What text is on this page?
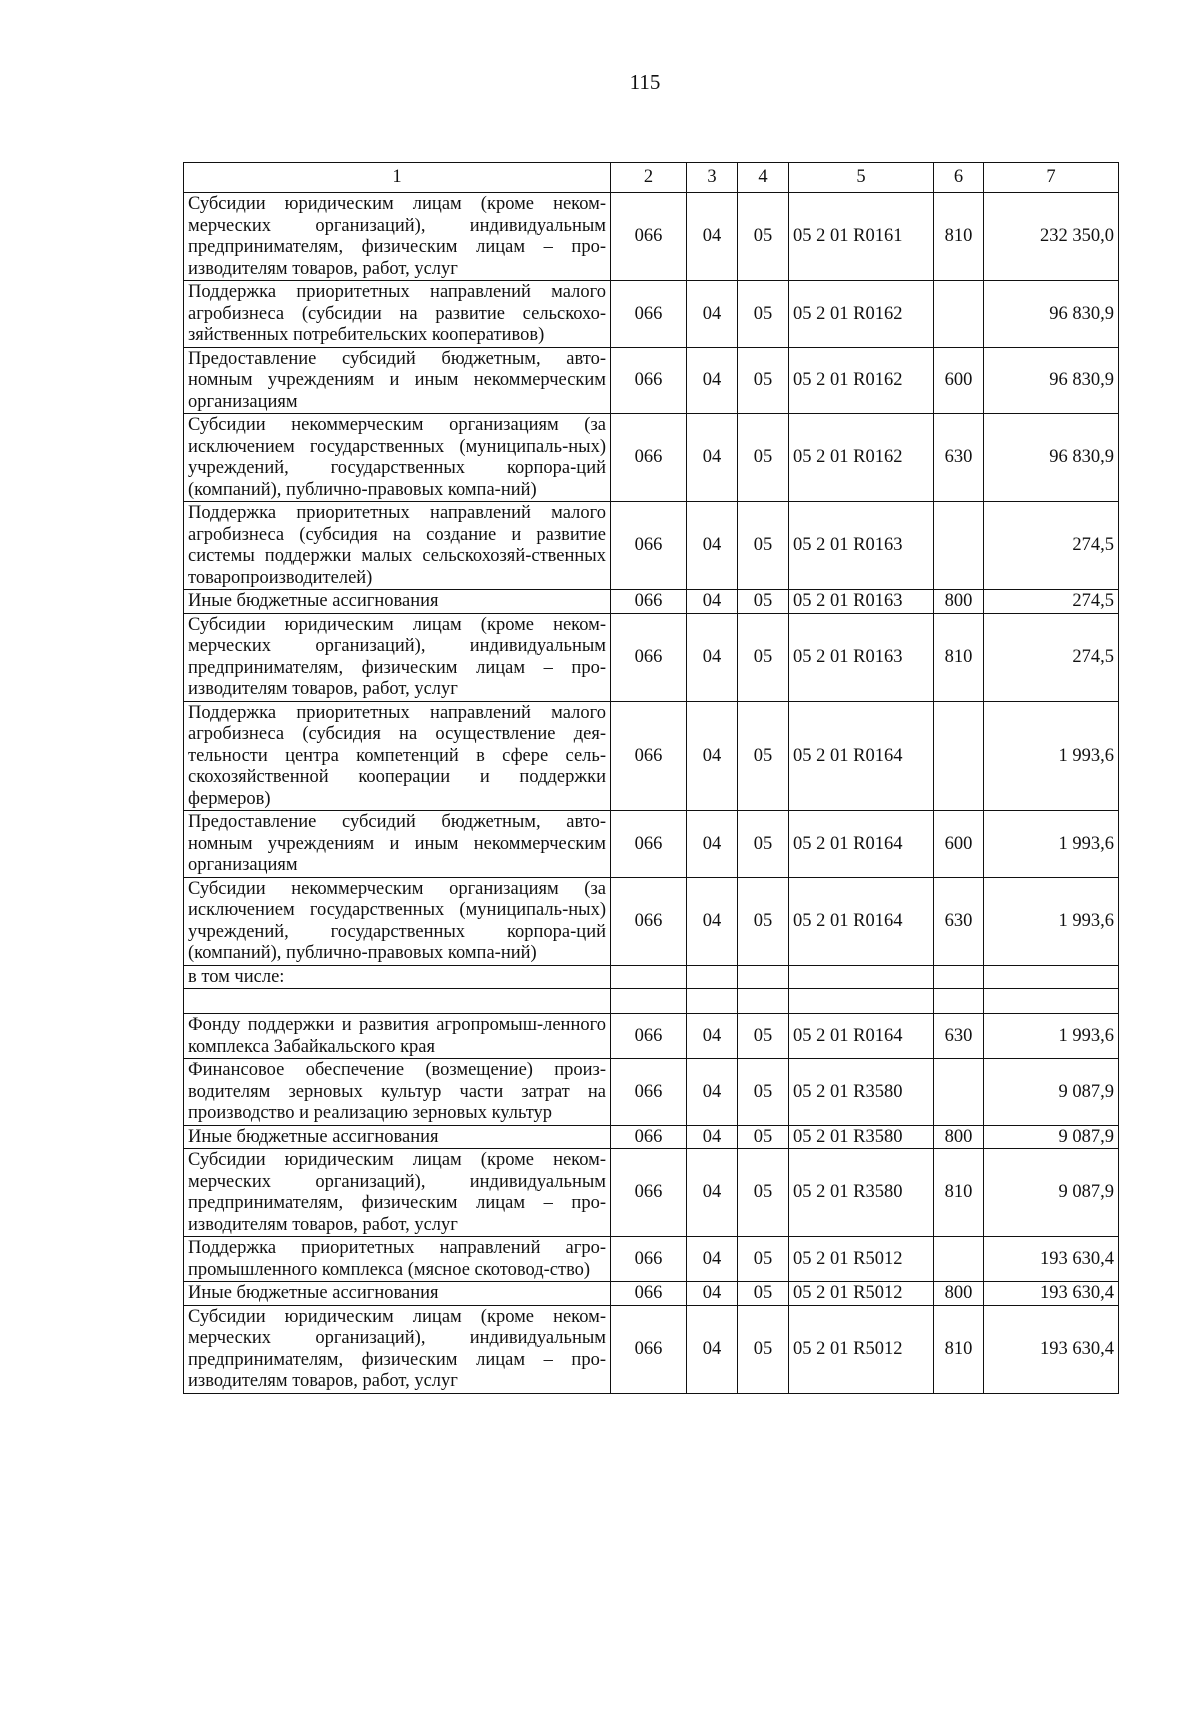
115
1	2	3	4	5	6	7
Субсидии юридическим лицам (кроме неком-мерческих организаций), индивидуальным предпринимателям, физическим лицам – про-изводителям товаров, работ, услуг	066	04	05	05 2 01 R0161	810	232 350,0
Поддержка приоритетных направлений малого агробизнеса (субсидии на развитие сельскохо-зяйственных потребительских кооперативов)	066	04	05	05 2 01 R0162		96 830,9
Предоставление субсидий бюджетным, авто-номным учреждениям и иным некоммерческим организациям	066	04	05	05 2 01 R0162	600	96 830,9
Субсидии некоммерческим организациям (за исключением государственных (муниципаль-ных) учреждений, государственных корпора-ций (компаний), публично-правовых компа-ний)	066	04	05	05 2 01 R0162	630	96 830,9
Поддержка приоритетных направлений малого агробизнеса (субсидия на создание и развитие системы поддержки малых сельскохозяй-ственных товаропроизводителей)	066	04	05	05 2 01 R0163		274,5
Иные бюджетные ассигнования	066	04	05	05 2 01 R0163	800	274,5
Субсидии юридическим лицам (кроме неком-мерческих организаций), индивидуальным предпринимателям, физическим лицам – про-изводителям товаров, работ, услуг	066	04	05	05 2 01 R0163	810	274,5
Поддержка приоритетных направлений малого агробизнеса (субсидия на осуществление дея-тельности центра компетенций в сфере сель-скохозяйственной кооперации и поддержки фермеров)	066	04	05	05 2 01 R0164		1 993,6
Предоставление субсидий бюджетным, авто-номным учреждениям и иным некоммерческим организациям	066	04	05	05 2 01 R0164	600	1 993,6
Субсидии некоммерческим организациям (за исключением государственных (муниципаль-ных) учреждений, государственных корпора-ций (компаний), публично-правовых компа-ний)	066	04	05	05 2 01 R0164	630	1 993,6
в том числе:						

Фонду поддержки и развития агропромыш-ленного комплекса Забайкальского края	066	04	05	05 2 01 R0164	630	1 993,6
Финансовое обеспечение (возмещение) произ-водителям зерновых культур части затрат на производство и реализацию зерновых культур	066	04	05	05 2 01 R3580		9 087,9
Иные бюджетные ассигнования	066	04	05	05 2 01 R3580	800	9 087,9
Субсидии юридическим лицам (кроме неком-мерческих организаций), индивидуальным предпринимателям, физическим лицам – про-изводителям товаров, работ, услуг	066	04	05	05 2 01 R3580	810	9 087,9
Поддержка приоритетных направлений агро-промышленного комплекса (мясное скотовод-ство)	066	04	05	05 2 01 R5012		193 630,4
Иные бюджетные ассигнования	066	04	05	05 2 01 R5012	800	193 630,4
Субсидии юридическим лицам (кроме неком-мерческих организаций), индивидуальным предпринимателям, физическим лицам – про-изводителям товаров, работ, услуг	066	04	05	05 2 01 R5012	810	193 630,4
